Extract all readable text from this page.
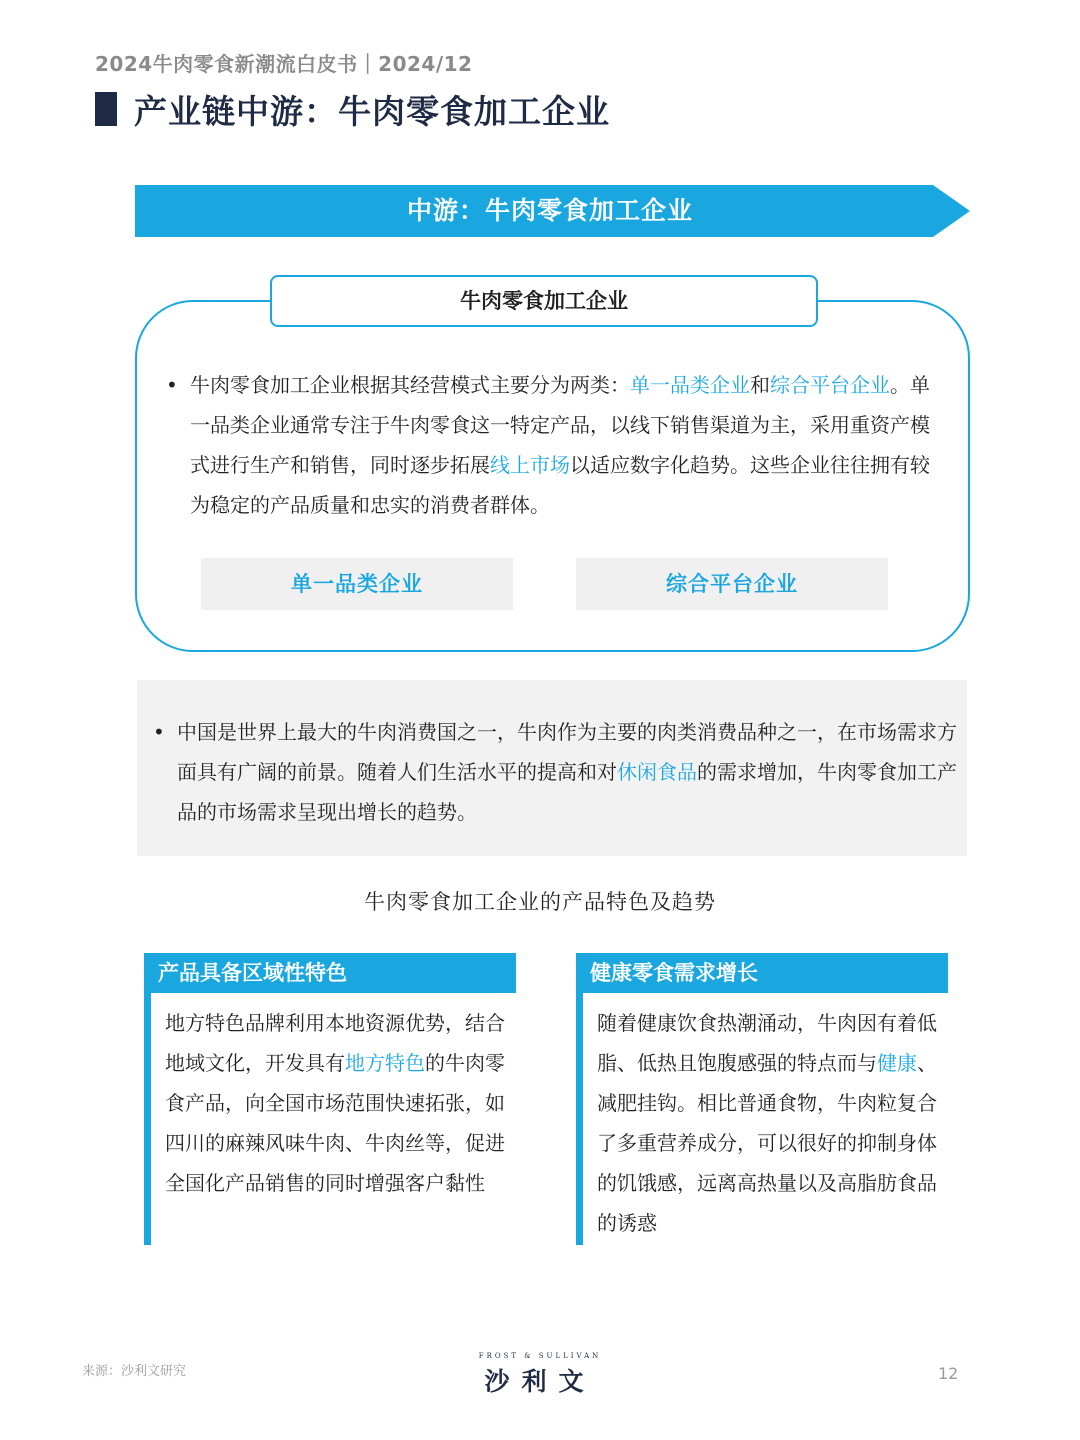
2024牛肉零食新潮流白皮书｜2024/12
产业链中游：牛肉零食加工企业
中游：牛肉零食加工企业
牛肉零食加工企业
• 牛肉零食加工企业根据其经营模式主要分为两类：单一品类企业和综合平台企业。单一品类企业通常专注于牛肉零食这一特定产品，以线下销售渠道为主，采用重资产模式进行生产和销售，同时逐步拓展线上市场以适应数字化趋势。这些企业往往拥有较为稳定的产品质量和忠实的消费者群体。
单一品类企业	综合平台企业
• 中国是世界上最大的牛肉消费国之一，牛肉作为主要的肉类消费品种之一，在市场需求方面具有广阔的前景。随着人们生活水平的提高和对休闲食品的需求增加，牛肉零食加工产品的市场需求呈现出增长的趋势。
牛肉零食加工企业的产品特色及趋势
产品具备区域性特色
地方特色品牌利用本地资源优势，结合地域文化，开发具有地方特色的牛肉零食产品，向全国市场范围快速拓张，如四川的麻辣风味牛肉、牛肉丝等，促进全国化产品销售的同时增强客户黏性
健康零食需求增长
随着健康饮食热潮涌动，牛肉因有着低脂、低热且饱腹感强的特点而与健康、减肥挂钩。相比普通食物，牛肉粒复合了多重营养成分，可以很好的抑制身体的饥饿感，远离高热量以及高脂肪食品的诱惑
来源：沙利文研究
FROST & SULLIVAN
沙利文	12
